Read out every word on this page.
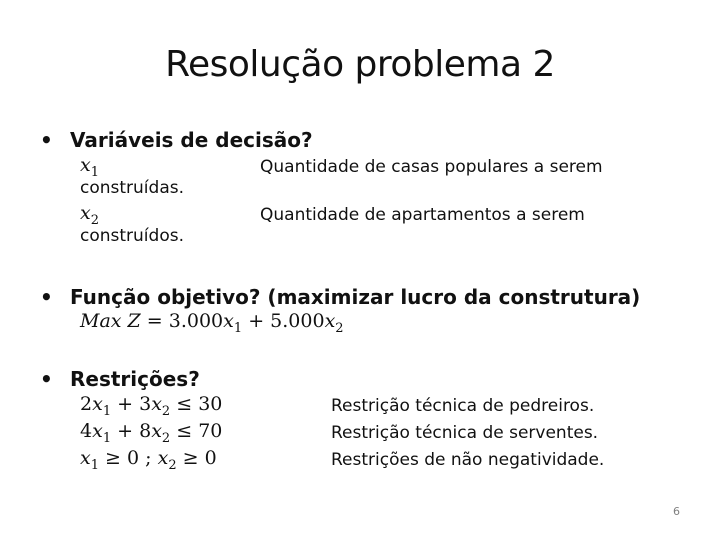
Resolução problema 2
• Variáveis de decisão?
$x_1$	Quantidade de casas populares a serem
construídas.
$x_2$	Quantidade de apartamentos a serem
construídos.
• Função objetivo? (maximizar lucro da construtura)
Max $Z = 3.000x_1 + 5.000x_2$
• Restrições?
$2x_1 + 3x_2 \le 30$	Restrição técnica de pedreiros.
$4x_1 + 8x_2 \le 70$	Restrição técnica de serventes.
$x_1 \ge 0$ ; $x_2 \ge 0$	Restrições de não negatividade.
6
